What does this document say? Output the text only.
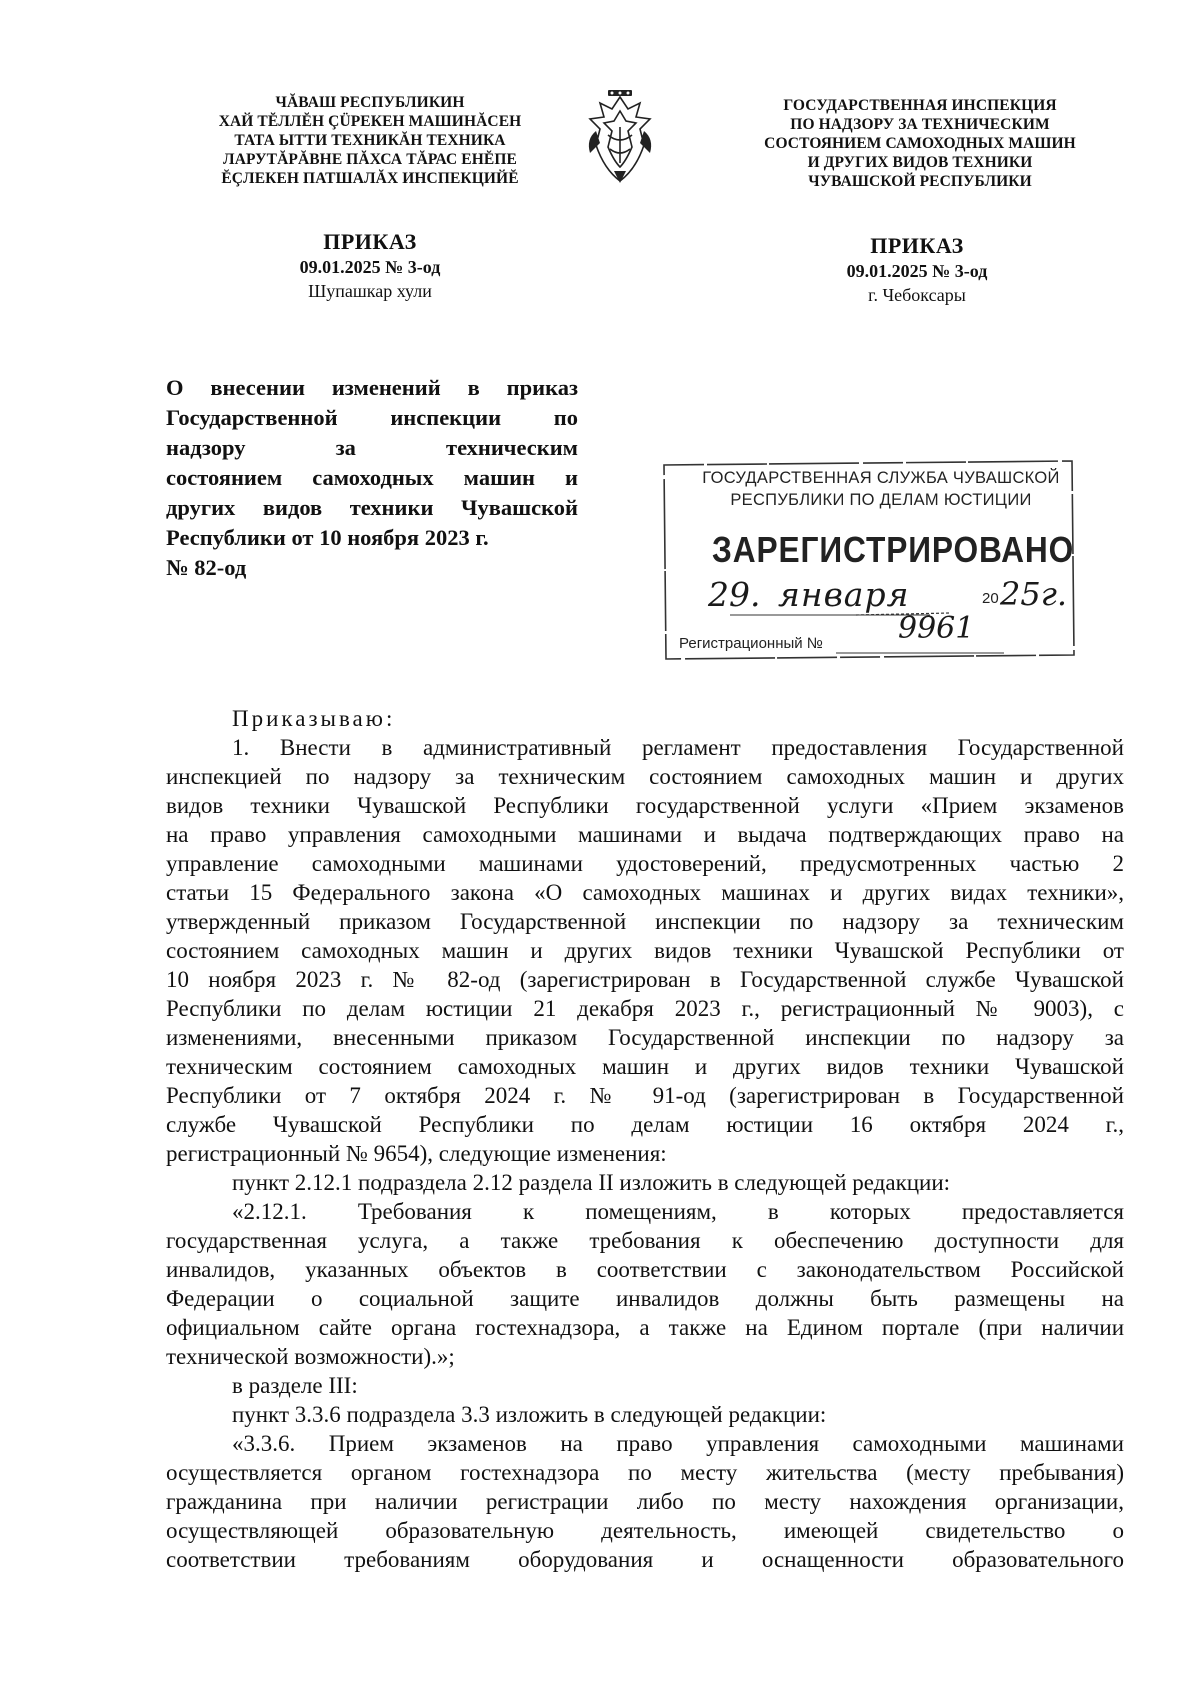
ЧĂВАШ РЕСПУБЛИКИН
ХАЙ ТĔЛЛĔН ÇÜРЕКЕН МАШИНĂСЕН
ТАТА ЫТТИ ТЕХНИКĂН ТЕХНИКА
ЛАРУТĂРĂВНЕ ПĂХСА ТĂРАС ЕНĔПЕ
ĔÇЛЕКЕН ПАТШАЛĂХ ИНСПЕКЦИЙĔ
ГОСУДАРСТВЕННАЯ ИНСПЕКЦИЯ
ПО НАДЗОРУ ЗА ТЕХНИЧЕСКИМ
СОСТОЯНИЕМ САМОХОДНЫХ МАШИН
И ДРУГИХ ВИДОВ ТЕХНИКИ
ЧУВАШСКОЙ РЕСПУБЛИКИ
ПРИКАЗ
09.01.2025 № 3-од
Шупашкар хули
ПРИКАЗ
09.01.2025 № 3-од
г. Чебоксары
О внесении изменений в приказ
Государственной инспекции по
надзору за техническим
состоянием самоходных машин и
других видов техники Чувашской
Республики от 10 ноября 2023 г.
№ 82-од
ГОСУДАРСТВЕННАЯ СЛУЖБА ЧУВАШСКОЙ
РЕСПУБЛИКИ ПО ДЕЛАМ ЮСТИЦИИ
ЗАРЕГИСТРИРОВАНО
29. января	20 25г.
Регистрационный №	9961
Приказываю:
1. Внести в административный регламент предоставления Государственной
инспекцией по надзору за техническим состоянием самоходных машин и других
видов техники Чувашской Республики государственной услуги «Прием экзаменов
на право управления самоходными машинами и выдача подтверждающих право на
управление самоходными машинами удостоверений, предусмотренных частью 2
статьи 15 Федерального закона «О самоходных машинах и других видах техники»,
утвержденный приказом Государственной инспекции по надзору за техническим
состоянием самоходных машин и других видов техники Чувашской Республики от
10 ноября 2023 г. № 82-од (зарегистрирован в Государственной службе Чувашской
Республики по делам юстиции 21 декабря 2023 г., регистрационный № 9003), с
изменениями, внесенными приказом Государственной инспекции по надзору за
техническим состоянием самоходных машин и других видов техники Чувашской
Республики от 7 октября 2024 г. № 91-од (зарегистрирован в Государственной
службе Чувашской Республики по делам юстиции 16 октября 2024 г.,
регистрационный № 9654), следующие изменения:
пункт 2.12.1 подраздела 2.12 раздела II изложить в следующей редакции:
«2.12.1. Требования к помещениям, в которых предоставляется
государственная услуга, а также требования к обеспечению доступности для
инвалидов, указанных объектов в соответствии с законодательством Российской
Федерации о социальной защите инвалидов должны быть размещены на
официальном сайте органа гостехнадзора, а также на Едином портале (при наличии
технической возможности).»;
в разделе III:
пункт 3.3.6 подраздела 3.3 изложить в следующей редакции:
«3.3.6. Прием экзаменов на право управления самоходными машинами
осуществляется органом гостехнадзора по месту жительства (месту пребывания)
гражданина при наличии регистрации либо по месту нахождения организации,
осуществляющей образовательную деятельность, имеющей свидетельство о
соответствии требованиям оборудования и оснащенности образовательного
